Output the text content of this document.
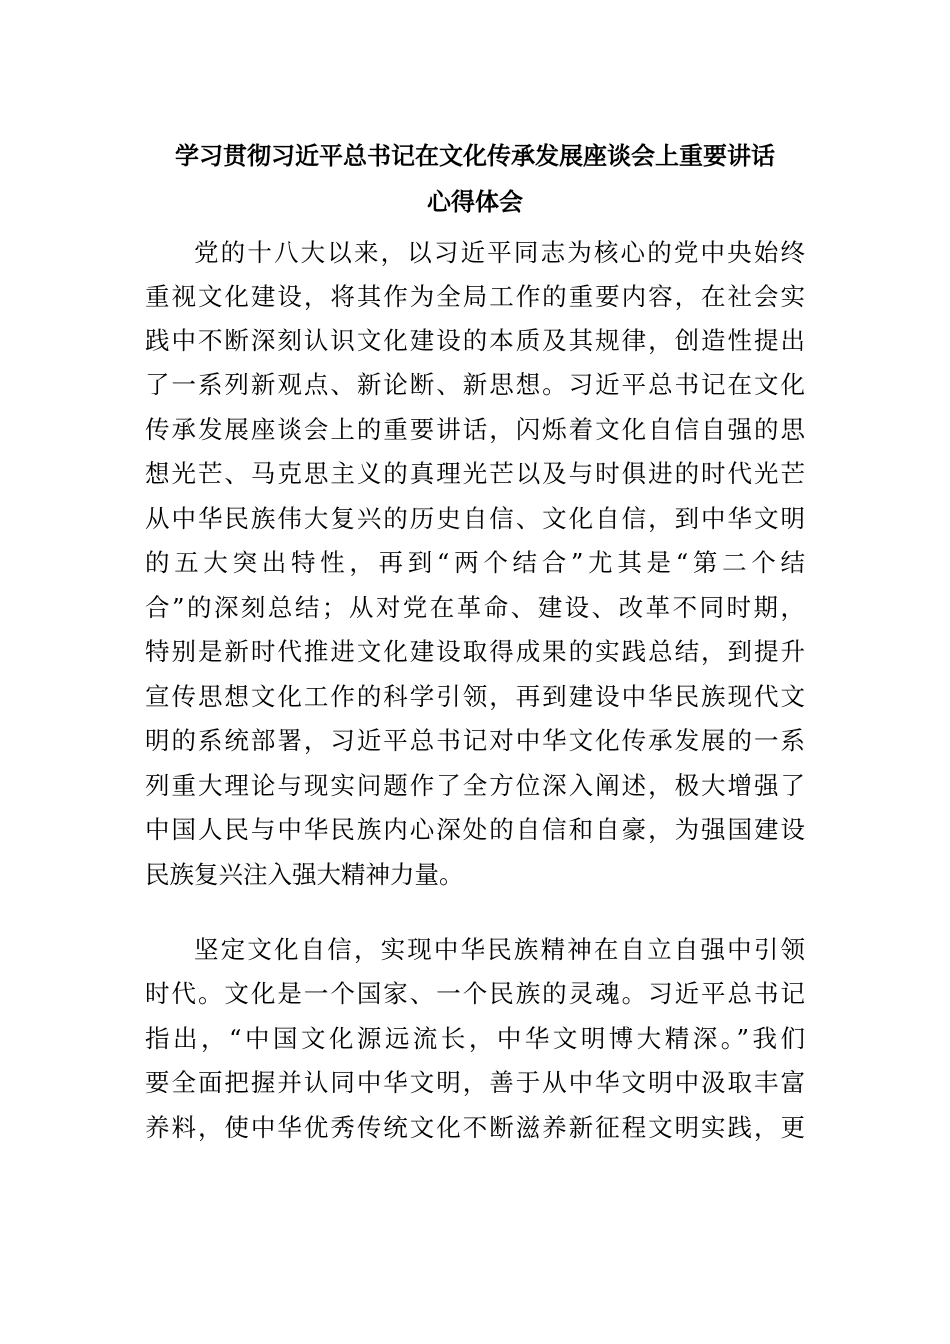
学习贯彻习近平总书记在文化传承发展座谈会上重要讲话
心得体会
党的十八大以来，以习近平同志为核心的党中央始终
重视文化建设，将其作为全局工作的重要内容，在社会实
践中不断深刻认识文化建设的本质及其规律，创造性提出
了一系列新观点、新论断、新思想。习近平总书记在文化
传承发展座谈会上的重要讲话，闪烁着文化自信自强的思
想光芒、马克思主义的真理光芒以及与时俱进的时代光芒
从中华民族伟大复兴的历史自信、文化自信，到中华文明
的五大突出特性，再到“两个结合”尤其是“第二个结
合”的深刻总结；从对党在革命、建设、改革不同时期，
特别是新时代推进文化建设取得成果的实践总结，到提升
宣传思想文化工作的科学引领，再到建设中华民族现代文
明的系统部署，习近平总书记对中华文化传承发展的一系
列重大理论与现实问题作了全方位深入阐述，极大增强了
中国人民与中华民族内心深处的自信和自豪，为强国建设
民族复兴注入强大精神力量。
坚定文化自信，实现中华民族精神在自立自强中引领
时代。文化是一个国家、一个民族的灵魂。习近平总书记
指出，“中国文化源远流长，中华文明博大精深。”我们
要全面把握并认同中华文明，善于从中华文明中汲取丰富
养料，使中华优秀传统文化不断滋养新征程文明实践，更
